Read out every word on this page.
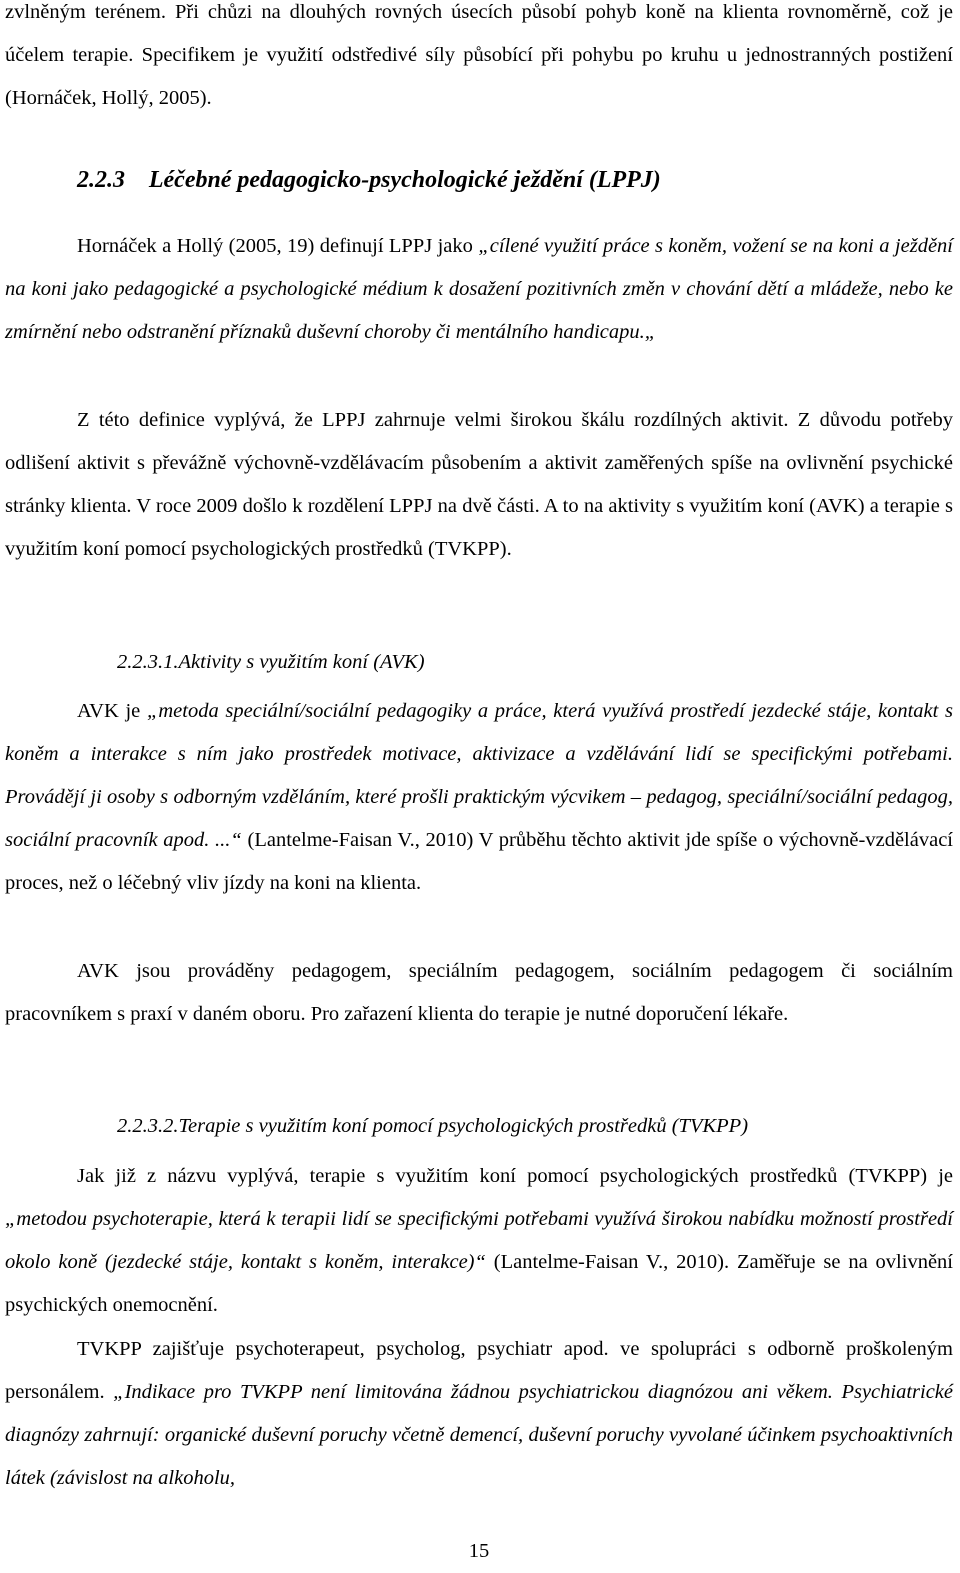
zvlněným terénem. Při chůzi na dlouhých rovných úsecích působí pohyb koně na klienta rovnoměrně, což je účelem terapie. Specifikem je využití odstředivé síly působící při pohybu po kruhu u jednostranných postižení (Hornáček, Hollý, 2005).

2.2.3 Léčebné pedagogicko-psychologické ježdění (LPPJ)

Hornáček a Hollý (2005, 19) definují LPPJ jako „cílené využití práce s koněm, vožení se na koni a ježdění na koni jako pedagogické a psychologické médium k dosažení pozitivních změn v chování dětí a mládeže, nebo ke zmírnění nebo odstranění příznaků duševní choroby či mentálního handicapu.„

Z této definice vyplývá, že LPPJ zahrnuje velmi širokou škálu rozdílných aktivit. Z důvodu potřeby odlišení aktivit s převážně výchovně-vzdělávacím působením a aktivit zaměřených spíše na ovlivnění psychické stránky klienta. V roce 2009 došlo k rozdělení LPPJ na dvě části. A to na aktivity s využitím koní (AVK) a terapie s využitím koní pomocí psychologických prostředků (TVKPP).

2.2.3.1.Aktivity s využitím koní (AVK)

AVK je „metoda speciální/sociální pedagogiky a práce, která využívá prostředí jezdecké stáje, kontakt s koněm a interakce s ním jako prostředek motivace, aktivizace a vzdělávání lidí se specifickými potřebami. Provádějí ji osoby s odborným vzděláním, které prošli praktickým výcvikem – pedagog, speciální/sociální pedagog, sociální pracovník apod. ...“ (Lantelme-Faisan V., 2010) V průběhu těchto aktivit jde spíše o výchovně-vzdělávací proces, než o léčebný vliv jízdy na koni na klienta.

AVK jsou prováděny pedagogem, speciálním pedagogem, sociálním pedagogem či sociálním pracovníkem s praxí v daném oboru. Pro zařazení klienta do terapie je nutné doporučení lékaře.

2.2.3.2.Terapie s využitím koní pomocí psychologických prostředků (TVKPP)

Jak již z názvu vyplývá, terapie s využitím koní pomocí psychologických prostředků (TVKPP) je „metodou psychoterapie, která k terapii lidí se specifickými potřebami využívá širokou nabídku možností prostředí okolo koně (jezdecké stáje, kontakt s koněm, interakce)“ (Lantelme-Faisan V., 2010). Zaměřuje se na ovlivnění psychických onemocnění.

TVKPP zajišťuje psychoterapeut, psycholog, psychiatr apod. ve spolupráci s odborně proškoleným personálem. „Indikace pro TVKPP není limitována žádnou psychiatrickou diagnózou ani věkem. Psychiatrické diagnózy zahrnují: organické duševní poruchy včetně demencí, duševní poruchy vyvolané účinkem psychoaktivních látek (závislost na alkoholu,

15
